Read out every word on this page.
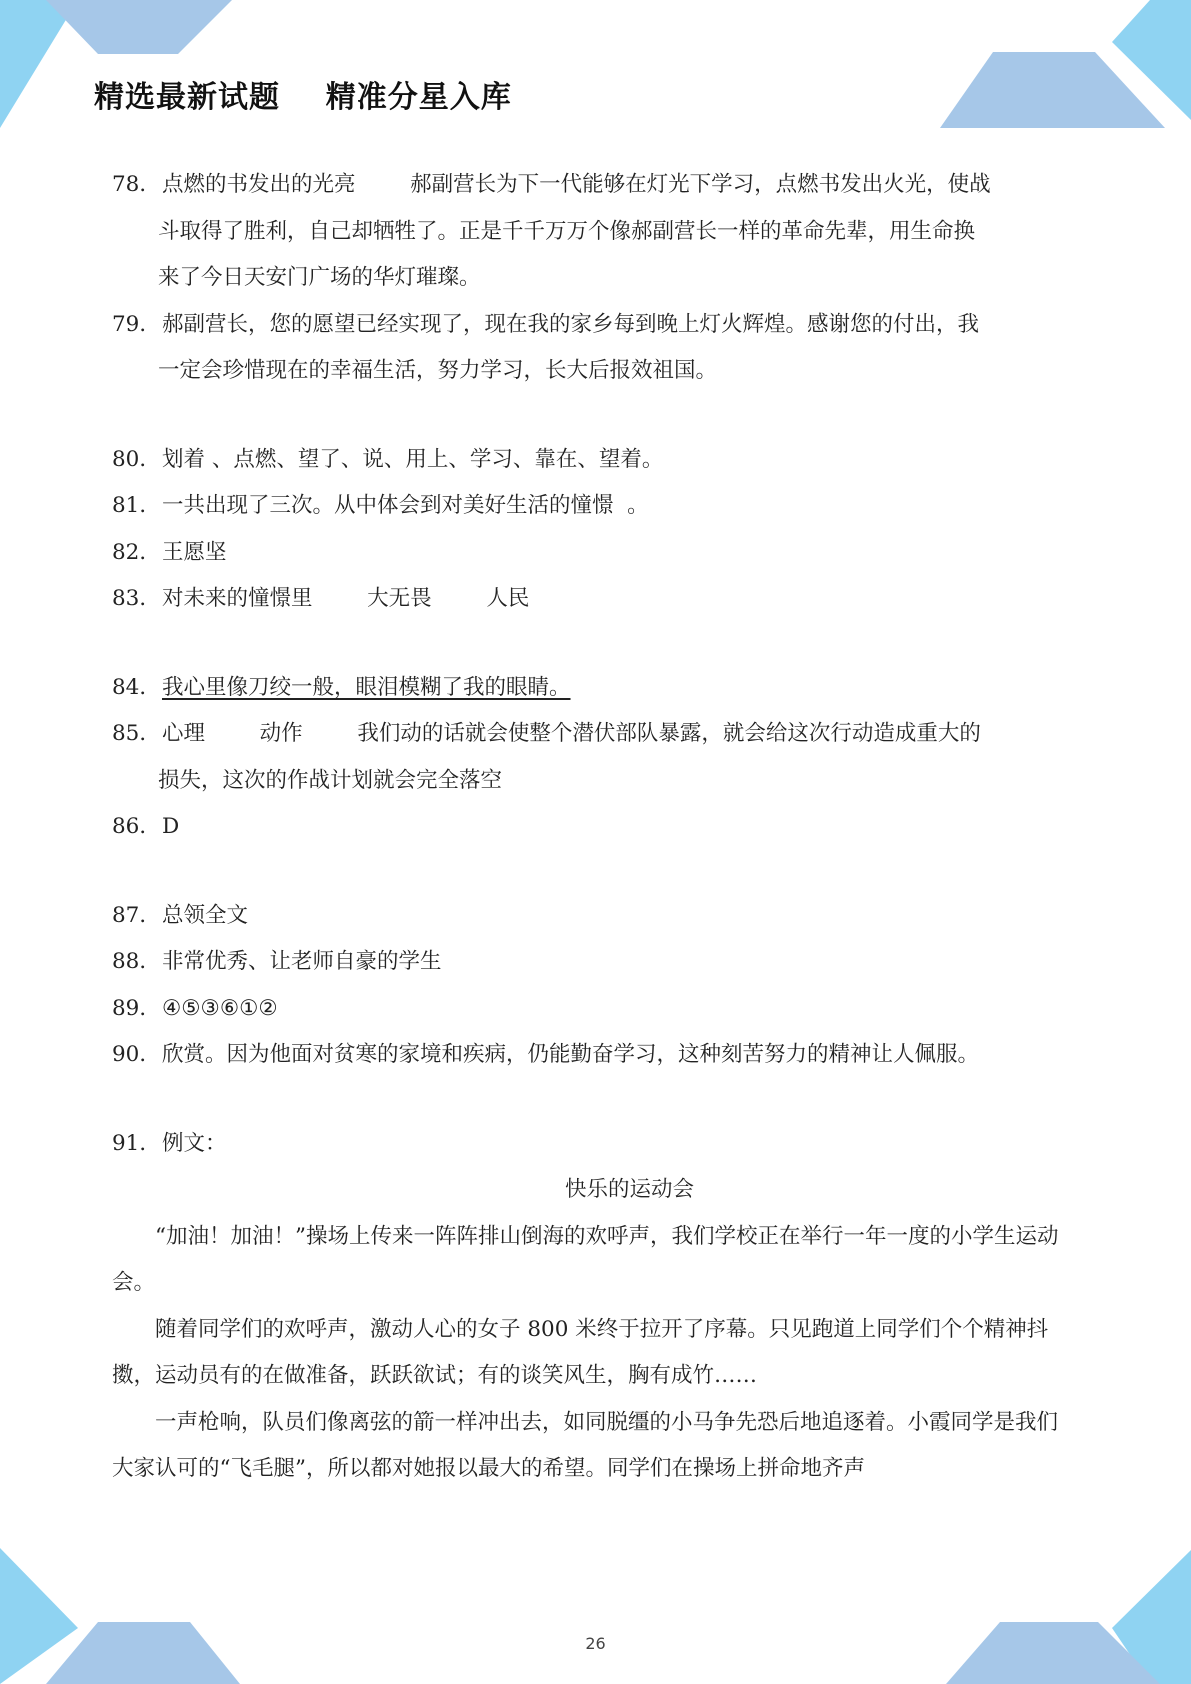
精选最新试题    精准分星入库
78． 点燃的书发出的光亮        郝副营长为下一代能够在灯光下学习，点燃书发出火光，使战
斗取得了胜利，自己却牺牲了。正是千千万万个像郝副营长一样的革命先辈，用生命换
来了今日天安门广场的华灯璀璨。
79． 郝副营长，您的愿望已经实现了，现在我的家乡每到晚上灯火辉煌。感谢您的付出，我
一定会珍惜现在的幸福生活，努力学习，长大后报效祖国。
80． 划着 、点燃、望了、说、用上、学习、靠在、望着。
81． 一共出现了三次。从中体会到对美好生活的憧憬  。
82． 王愿坚
83． 对未来的憧憬里        大无畏        人民
84． 我心里像刀绞一般，眼泪模糊了我的眼睛。
85． 心理        动作        我们动的话就会使整个潜伏部队暴露，就会给这次行动造成重大的
损失，这次的作战计划就会完全落空
86． D
87． 总领全文
88． 非常优秀、让老师自豪的学生
89． ④⑤③⑥①②
90． 欣赏。因为他面对贫寒的家境和疾病，仍能勤奋学习，这种刻苦努力的精神让人佩服。
91． 例文：
快乐的运动会
“加油！加油！”操场上传来一阵阵排山倒海的欢呼声，我们学校正在举行一年一度的小学生运动会。
随着同学们的欢呼声，激动人心的女子 800 米终于拉开了序幕。只见跑道上同学们个个精神抖擞，运动员有的在做准备，跃跃欲试；有的谈笑风生，胸有成竹……
一声枪响，队员们像离弦的箭一样冲出去，如同脱缰的小马争先恐后地追逐着。小霞同学是我们大家认可的“飞毛腿”，所以都对她报以最大的希望。同学们在操场上拼命地齐声
26
